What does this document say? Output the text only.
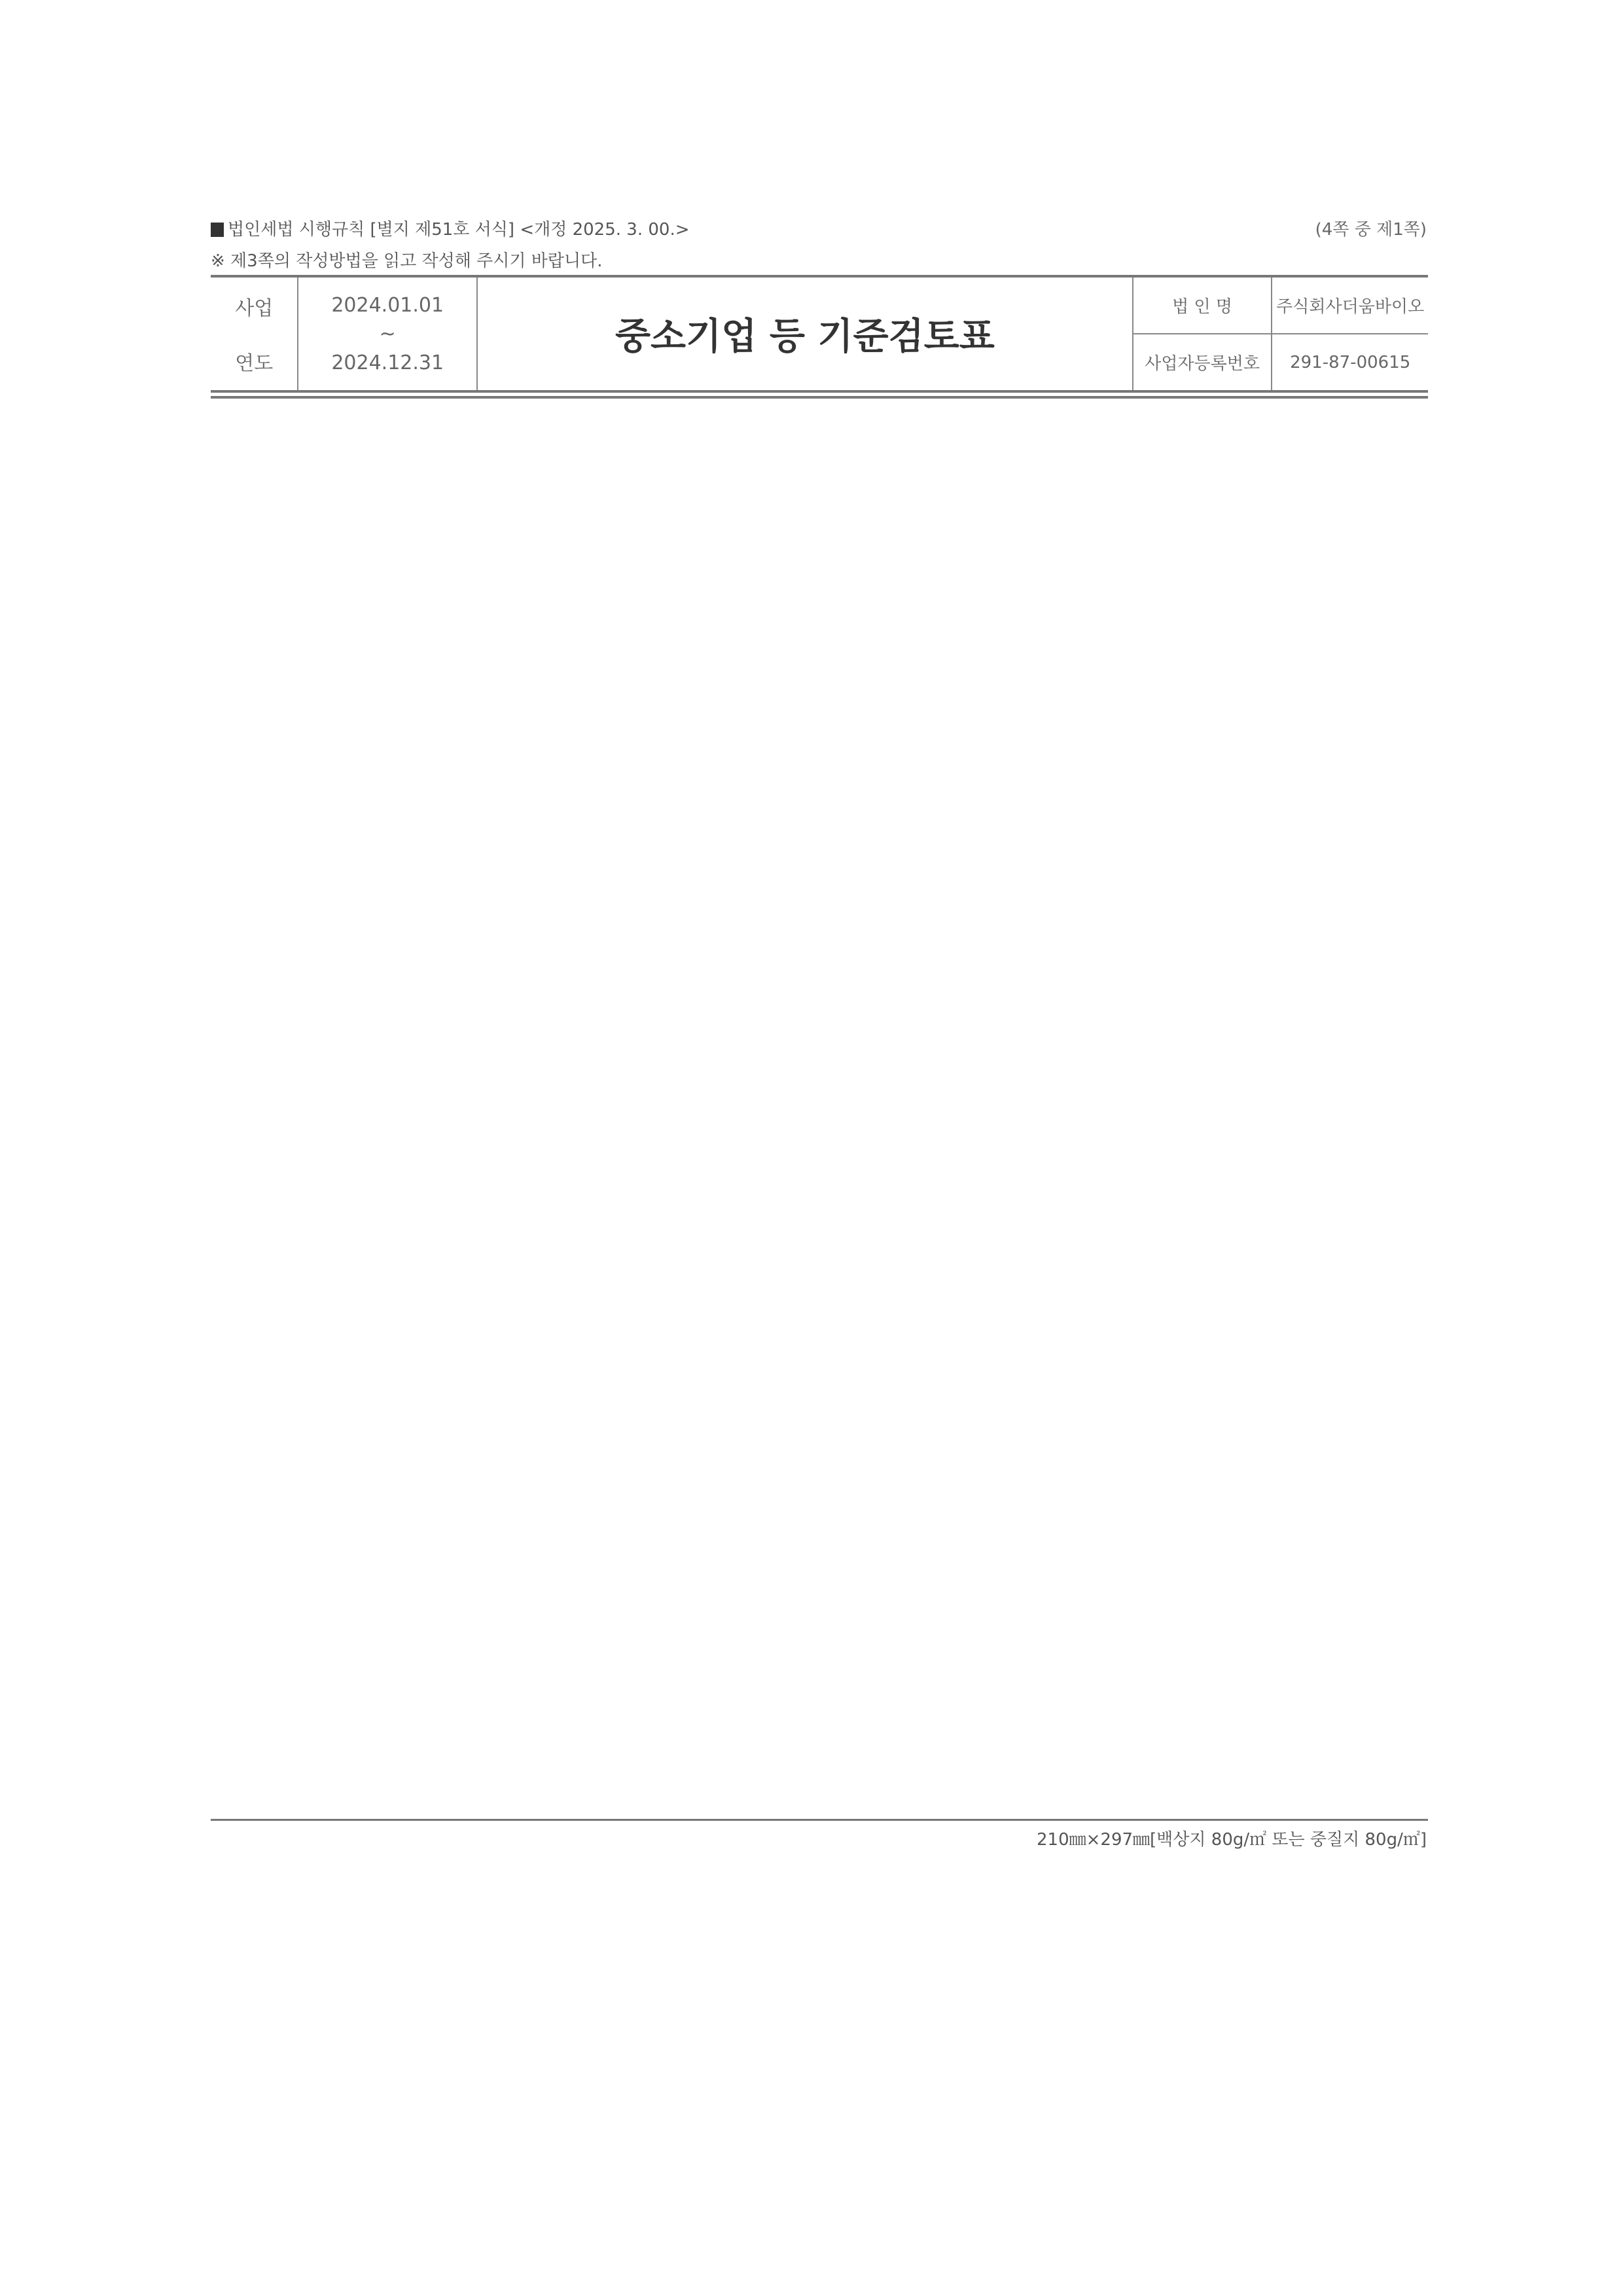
법인세법 시행규칙 [별지 제51호 서식] <개정 2025. 3. 00.>	(4쪽 중 제1쪽)
※ 제3쪽의 작성방법을 읽고 작성해 주시기 바랍니다.
사업
연도
2024.01.01
~
2024.12.31
중소기업 등 기준검토표
법 인 명
사업자등록번호
주식회사더움바이오
291-87-00615
210㎜×297㎜[백상지 80g/㎡ 또는 중질지 80g/㎡]
